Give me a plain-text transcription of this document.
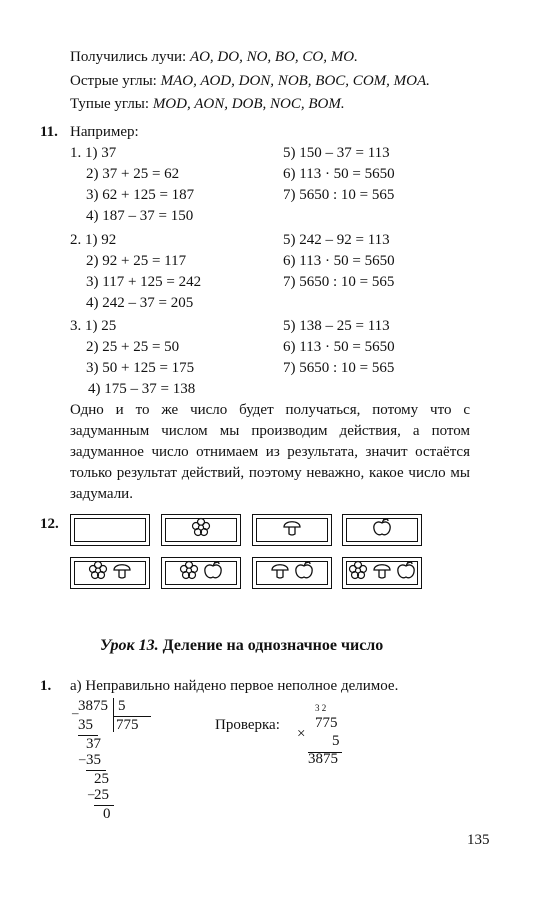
Получились лучи: AO, DO, NO, BO, CO, MO.
Острые углы: MAO, AOD, DON, NOB, BOC, COM, MOA.
Тупые углы: MOD, AON, DOB, NOC, BOM.
11. Например:
1. 1) 37
2) 37 + 25 = 62
3) 62 + 125 = 187
4) 187 – 37 = 150
5) 150 – 37 = 113
6) 113 · 50 = 5650
7) 5650 : 10 = 565
2. 1) 92
2) 92 + 25 = 117
3) 117 + 125 = 242
4) 242 – 37 = 205
5) 242 – 92 = 113
6) 113 · 50 = 5650
7) 5650 : 10 = 565
3. 1) 25
2) 25 + 25 = 50
3) 50 + 125 = 175
4) 175 – 37 = 138
5) 138 – 25 = 113
6) 113 · 50 = 5650
7) 5650 : 10 = 565
Одно и то же число будет получаться, потому что с задуманным числом мы производим действия, а потом задуманное число отнимаем из результата, значит остаётся только результат действий, поэтому неважно, какое число мы задумали.
12.
Урок 13. Деление на однозначное число
1. а) Неправильно найдено первое неполное делимое.
– 3875 5
775
35
37
– 35
25
– 25
0
Проверка:
3 2
775
× 5
3875
135
